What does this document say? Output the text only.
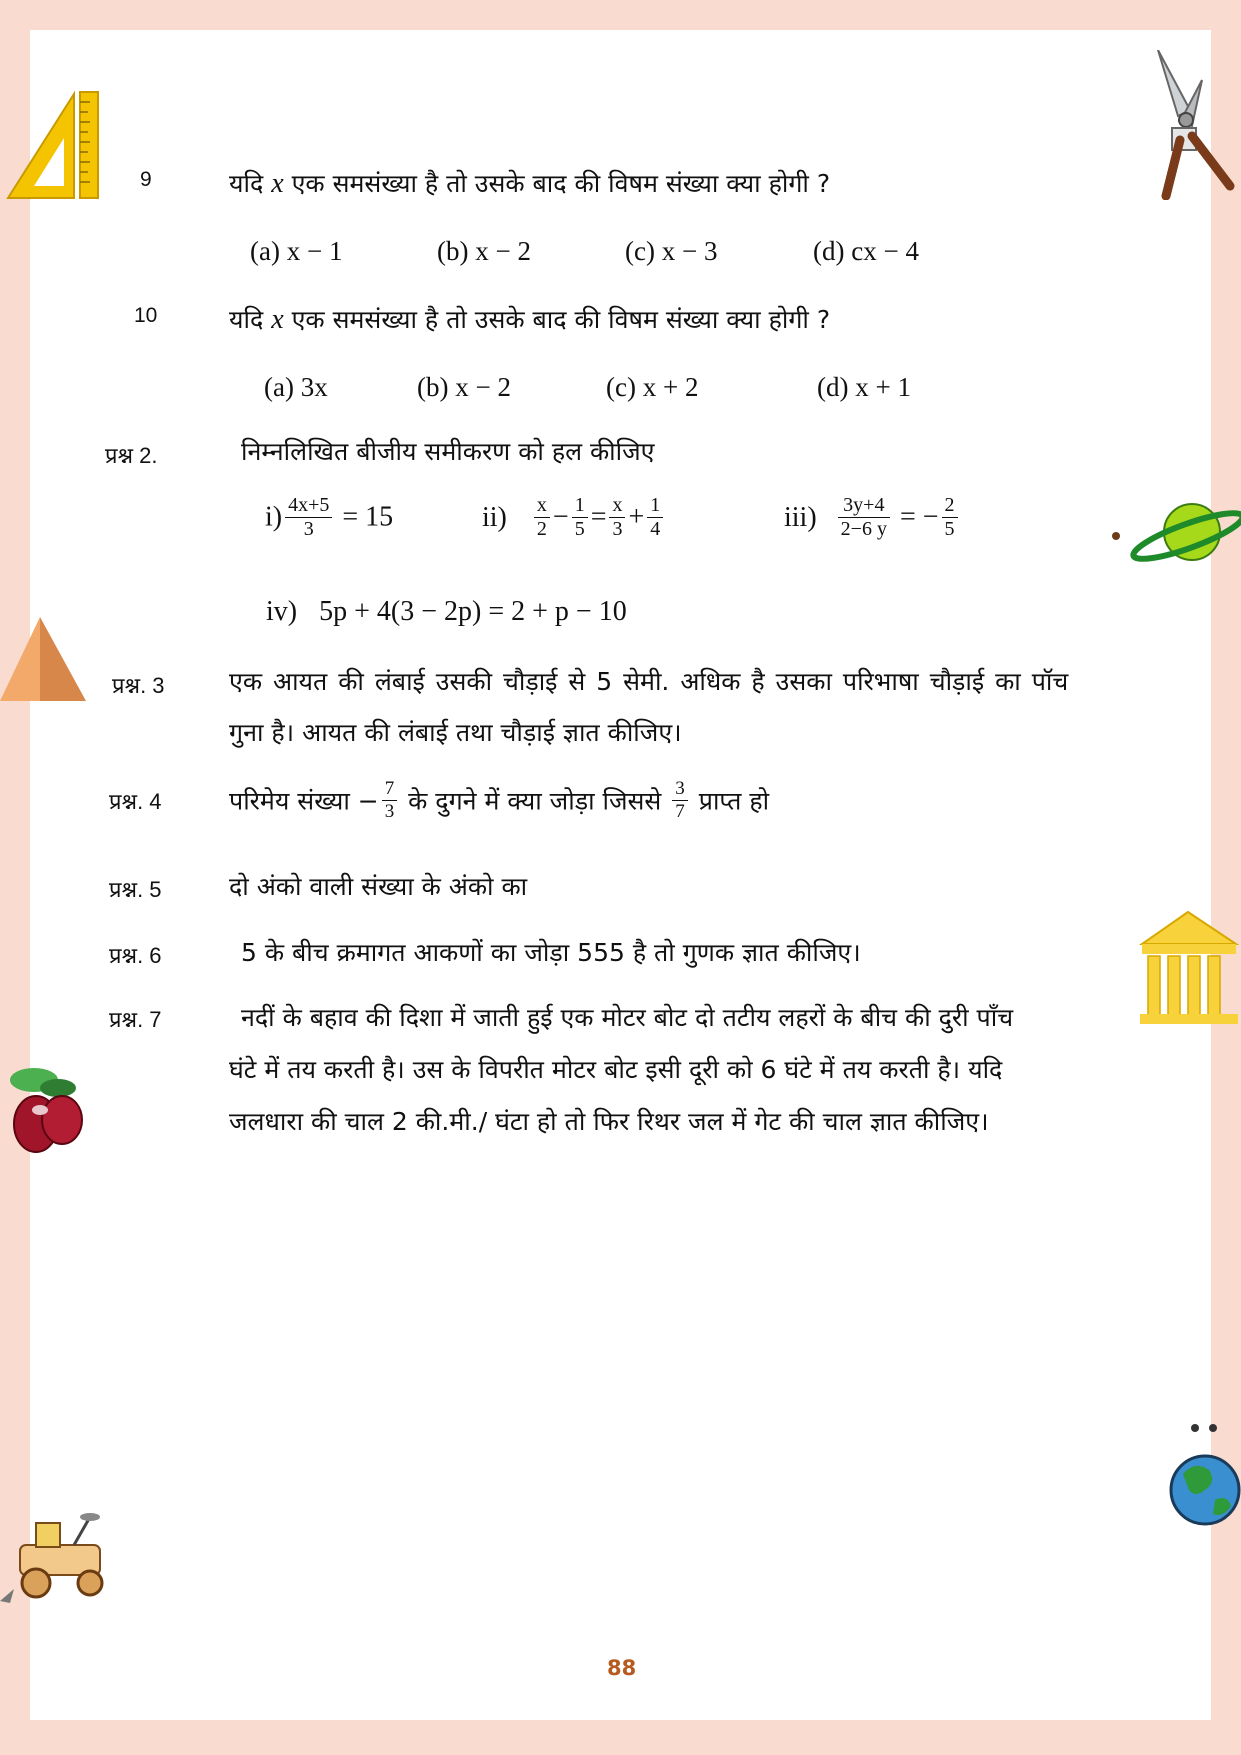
9	यदि x एक समसंख्या है तो उसके बाद की विषम संख्या क्या होगी ?
(a) x − 1	(b) x − 2	(c) x − 3	(d) cx − 4
10	यदि x एक समसंख्या है तो उसके बाद की विषम संख्या क्या होगी ?
(a) 3x	(b) x − 2	(c) x + 2	(d) x + 1
प्रश्न 2.	निम्नलिखित बीजीय समीकरण को हल कीजिए
$i) \frac{4x+5}{3} = 15$	$ii) \frac{x}{2} - \frac{1}{5} = \frac{x}{3} + \frac{1}{4}$	$iii) \frac{3y+4}{2-6 y}$ = − $\frac{2}{5}$
iv) 5p + 4(3 − 2p) = 2 + p − 10
प्रश्न. 3	एक आयत की लंबाई उसकी चौड़ाई से 5 सेमी. अधिक है उसका परिभाषा चौड़ाई का पॉच
गुना है। आयत की लंबाई तथा चौड़ाई ज्ञात कीजिए।
प्रश्न. 4	परिमेय संख्या − $\frac{7}{3}$ के दुगने में क्या जोड़ा जिससे $\frac{3}{7}$ प्राप्त हो
प्रश्न. 5	दो अंको वाली संख्या के अंको का
प्रश्न. 6	5 के बीच क्रमागत आकणों का जोड़ा 555 है तो गुणक ज्ञात कीजिए।
प्रश्न. 7	नदीं के बहाव की दिशा में जाती हुई एक मोटर बोट दो तटीय लहरों के बीच की दुरी पाँच
घंटे में तय करती है। उस के विपरीत मोटर बोट इसी दूरी को 6 घंटे में तय करती है। यदि
जलधारा की चाल 2 की.मी./ घंटा हो तो फिर रिथर जल में गेट की चाल ज्ञात कीजिए।
88
